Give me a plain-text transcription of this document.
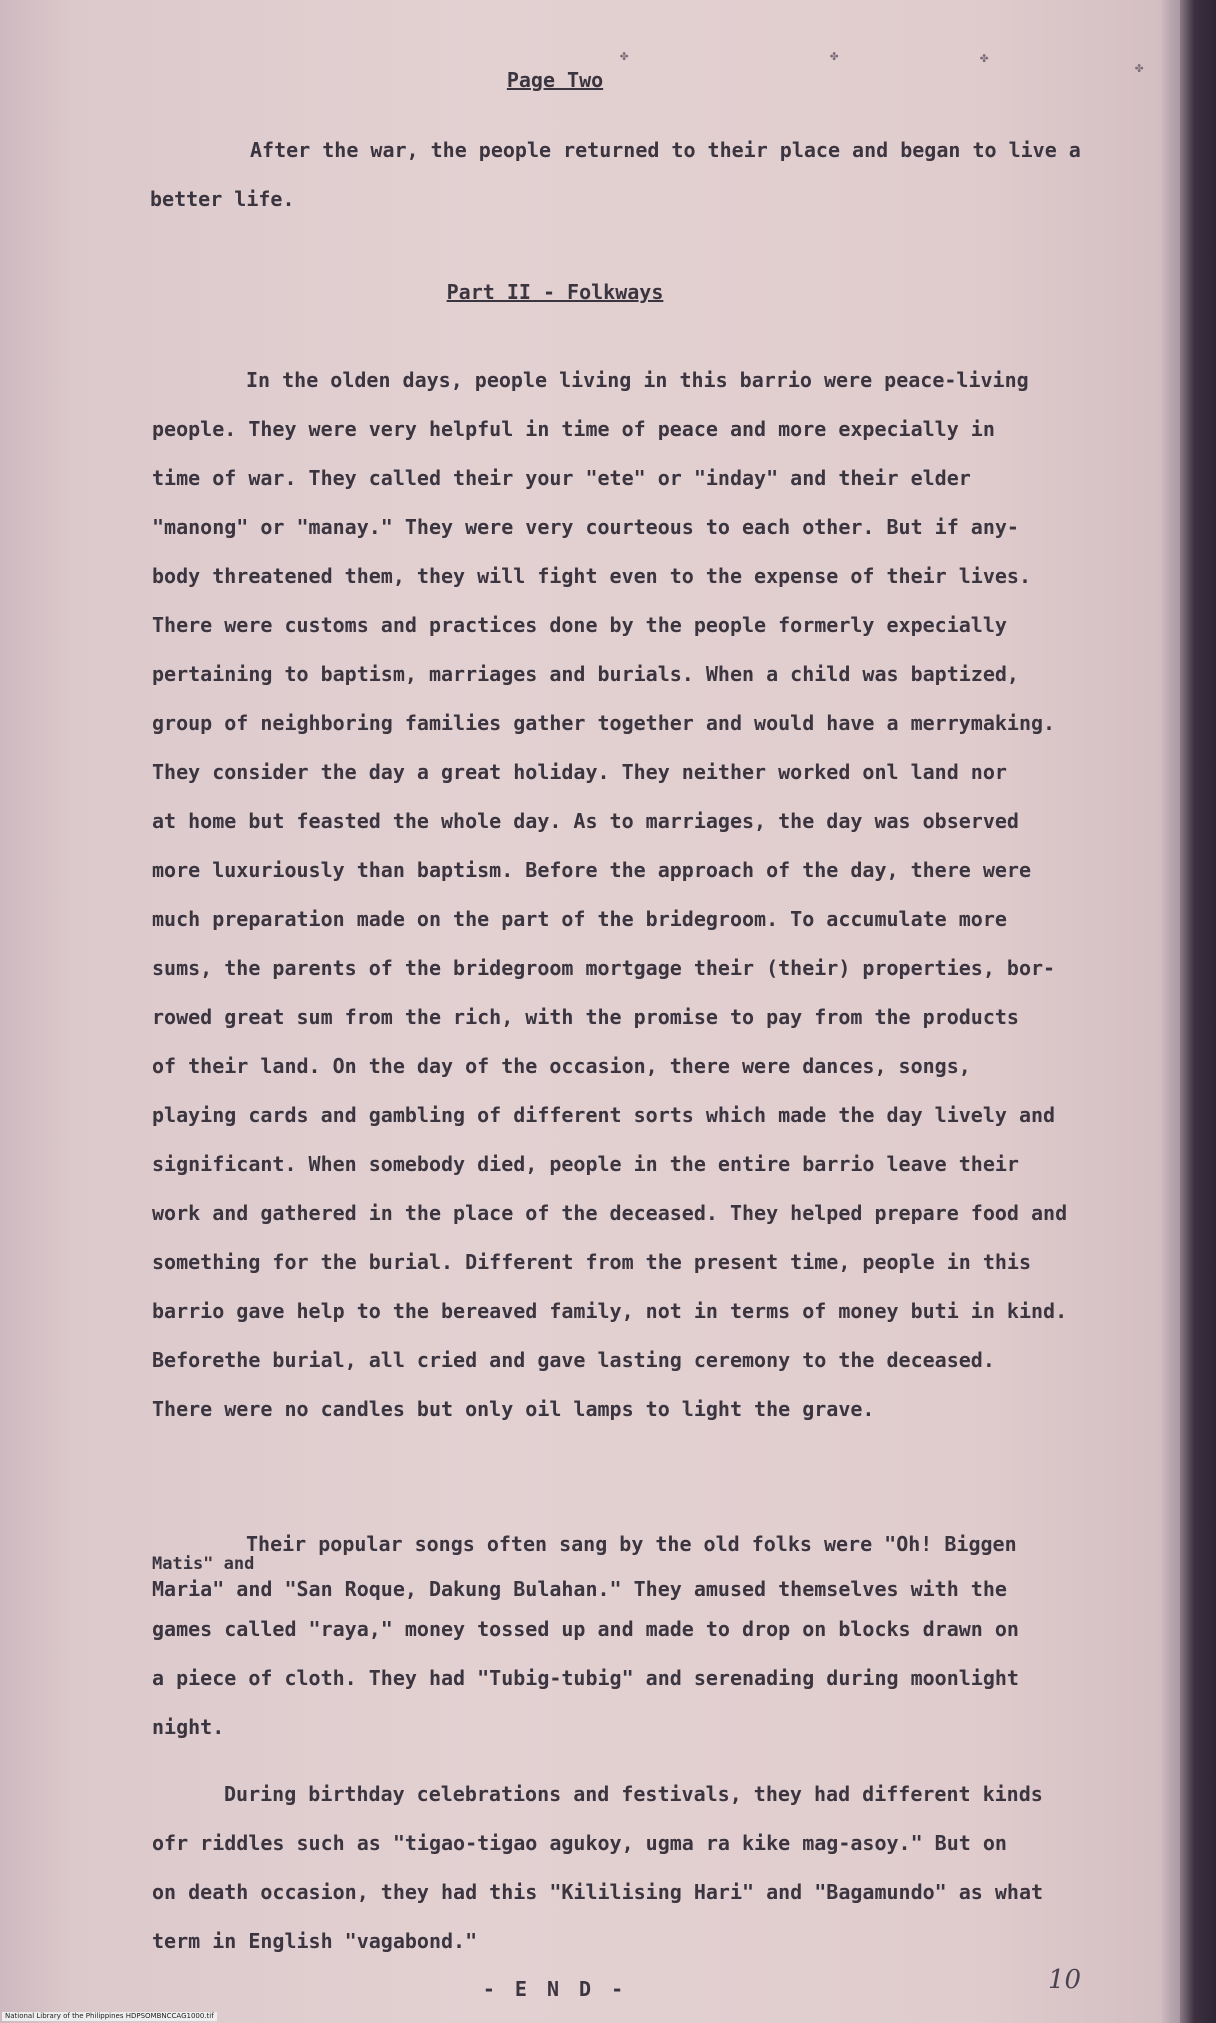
✤	✤	✤
✤
Page Two
After the war, the people returned to their place and began to live a
better life.
Part II - Folkways
In the olden days, people living in this barrio were peace-living
people. They were very helpful in time of peace and more expecially in
time of war. They called their your "ete" or "inday" and their elder
"manong" or "manay." They were very courteous to each other. But if any-
body threatened them, they will fight even to the expense of their lives.
There were customs and practices done by the people formerly expecially
pertaining to baptism, marriages and burials. When a child was baptized,
group of neighboring families gather together and would have a merrymaking.
They consider the day a great holiday. They neither worked onl land nor
at home but feasted the whole day. As to marriages, the day was observed
more luxuriously than baptism. Before the approach of the day, there were
much preparation made on the part of the bridegroom. To accumulate more
sums, the parents of the bridegroom mortgage their (their) properties, bor-
rowed great sum from the rich, with the promise to pay from the products
of their land. On the day of the occasion, there were dances, songs,
playing cards and gambling of different sorts which made the day lively and
significant. When somebody died, people in the entire barrio leave their
work and gathered in the place of the deceased. They helped prepare food and
something for the burial. Different from the present time, people in this
barrio gave help to the bereaved family, not in terms of money buti in kind.
Beforethe burial, all cried and gave lasting ceremony to the deceased.
There were no candles but only oil lamps to light the grave.
Their popular songs often sang by the old folks were "Oh! Biggen
Matis" and
Maria" and "San Roque, Dakung Bulahan." They amused themselves with the
games called "raya," money tossed up and made to drop on blocks drawn on
a piece of cloth. They had "Tubig-tubig" and serenading during moonlight
night.
During birthday celebrations and festivals, they had different kinds
ofr riddles such as "tigao-tigao agukoy, ugma ra kike mag-asoy." But on
on death occasion, they had this "Kililising Hari" and "Bagamundo" as what
term in English "vagabond."
10
- E N D -
National Library of the Philippines HDPSOMBNCCAG1000.tif
